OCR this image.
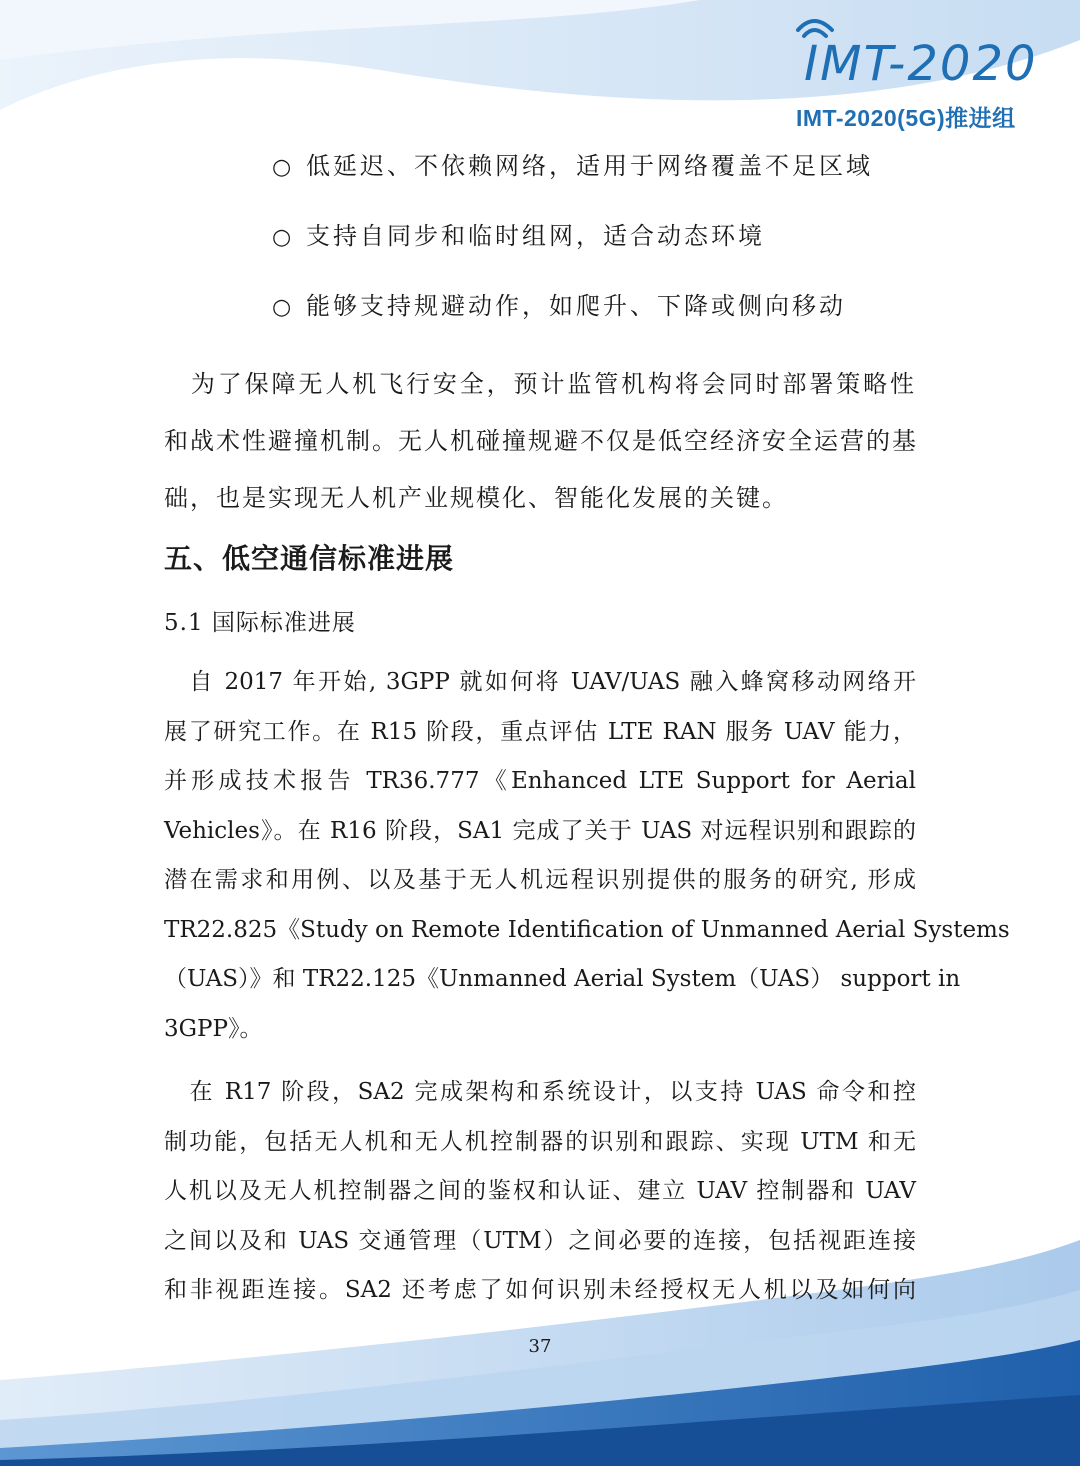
IMT-2020
IMT-2020(5G)推进组
○ 低延迟、不依赖网络，适用于网络覆盖不足区域
○ 支持自同步和临时组网，适合动态环境
○ 能够支持规避动作，如爬升、下降或侧向移动

　为了保障无人机飞行安全，预计监管机构将会同时部署策略性
和战术性避撞机制。无人机碰撞规避不仅是低空经济安全运营的基
础，也是实现无人机产业规模化、智能化发展的关键。

五、低空通信标准进展
5.1 国际标准进展

　自 2017 年开始, 3GPP 就如何将 UAV/UAS 融入蜂窝移动网络开
展了研究工作。在 R15 阶段，重点评估 LTE RAN 服务 UAV 能力，
并形成技术报告 TR36.777《Enhanced LTE Support for Aerial
Vehicles》。在 R16 阶段，SA1 完成了关于 UAS 对远程识别和跟踪的
潜在需求和用例、以及基于无人机远程识别提供的服务的研究, 形成
TR22.825《Study on Remote Identification of Unmanned Aerial Systems
（UAS）》和 TR22.125《Unmanned Aerial System（UAS） support in
3GPP》。

　在 R17 阶段，SA2 完成架构和系统设计，以支持 UAS 命令和控
制功能，包括无人机和无人机控制器的识别和跟踪、实现 UTM 和无
人机以及无人机控制器之间的鉴权和认证、建立 UAV 控制器和 UAV
之间以及和 UAS 交通管理（UTM）之间必要的连接，包括视距连接
和非视距连接。SA2 还考虑了如何识别未经授权无人机以及如何向

37
